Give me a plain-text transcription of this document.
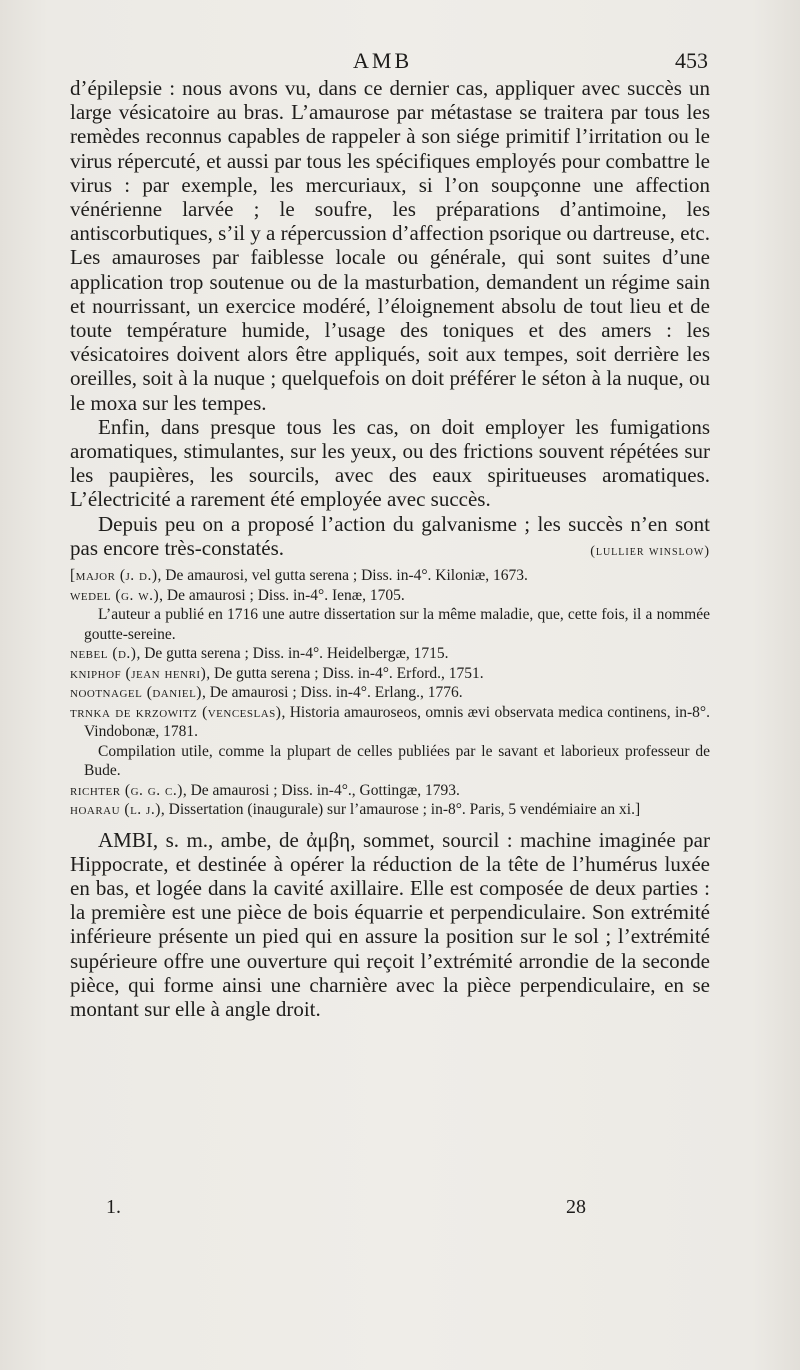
AMB	453

d’épilepsie : nous avons vu, dans ce dernier cas, appliquer avec succès un large vésicatoire au bras. L’amaurose par métastase se traitera par tous les remèdes reconnus capables de rappeler à son siége primitif l’irritation ou le virus répercuté, et aussi par tous les spécifiques employés pour combattre le virus : par exemple, les mercuriaux, si l’on soupçonne une affection vénérienne larvée ; le soufre, les préparations d’antimoine, les antiscorbutiques, s’il y a répercussion d’affection psorique ou dartreuse, etc. Les amauroses par faiblesse locale ou générale, qui sont suites d’une application trop soutenue ou de la masturbation, demandent un régime sain et nourrissant, un exercice modéré, l’éloignement absolu de tout lieu et de toute température humide, l’usage des toniques et des amers : les vésicatoires doivent alors être appliqués, soit aux tempes, soit derrière les oreilles, soit à la nuque ; quelquefois on doit préférer le séton à la nuque, ou le moxa sur les tempes.

Enfin, dans presque tous les cas, on doit employer les fumigations aromatiques, stimulantes, sur les yeux, ou des frictions souvent répétées sur les paupières, les sourcils, avec des eaux spiritueuses aromatiques. L’électricité a rarement été employée avec succès.

Depuis peu on a proposé l’action du galvanisme ; les succès n’en sont pas encore très-constatés.	(lullier winslow)

[major (j. d.), De amaurosi, vel gutta serena ; Diss. in-4°. Kiloniæ, 1673.

wedel (g. w.), De amaurosi ; Diss. in-4°. Ienæ, 1705.

L’auteur a publié en 1716 une autre dissertation sur la même maladie, que, cette fois, il a nommée goutte-sereine.

nebel (d.), De gutta serena ; Diss. in-4°. Heidelbergæ, 1715.

kniphof (jean henri), De gutta serena ; Diss. in-4°. Erford., 1751.

nootnagel (daniel), De amaurosi ; Diss. in-4°. Erlang., 1776.

trnka de krzowitz (venceslas), Historia amauroseos, omnis ævi observata medica continens, in-8°. Vindobonæ, 1781.

Compilation utile, comme la plupart de celles publiées par le savant et laborieux professeur de Bude.

richter (g. g. c.), De amaurosi ; Diss. in-4°., Gottingæ, 1793.

hoarau (l. j.), Dissertation (inaugurale) sur l’amaurose ; in-8°. Paris, 5 vendémiaire an xi.]

AMBI, s. m., ambe, de ἀμβη, sommet, sourcil : machine imaginée par Hippocrate, et destinée à opérer la réduction de la tête de l’humérus luxée en bas, et logée dans la cavité axillaire. Elle est composée de deux parties : la première est une pièce de bois équarrie et perpendiculaire. Son extrémité inférieure présente un pied qui en assure la position sur le sol ; l’extrémité supérieure offre une ouverture qui reçoit l’extrémité arrondie de la seconde pièce, qui forme ainsi une charnière avec la pièce perpendiculaire, en se montant sur elle à angle droit.

1.	28
